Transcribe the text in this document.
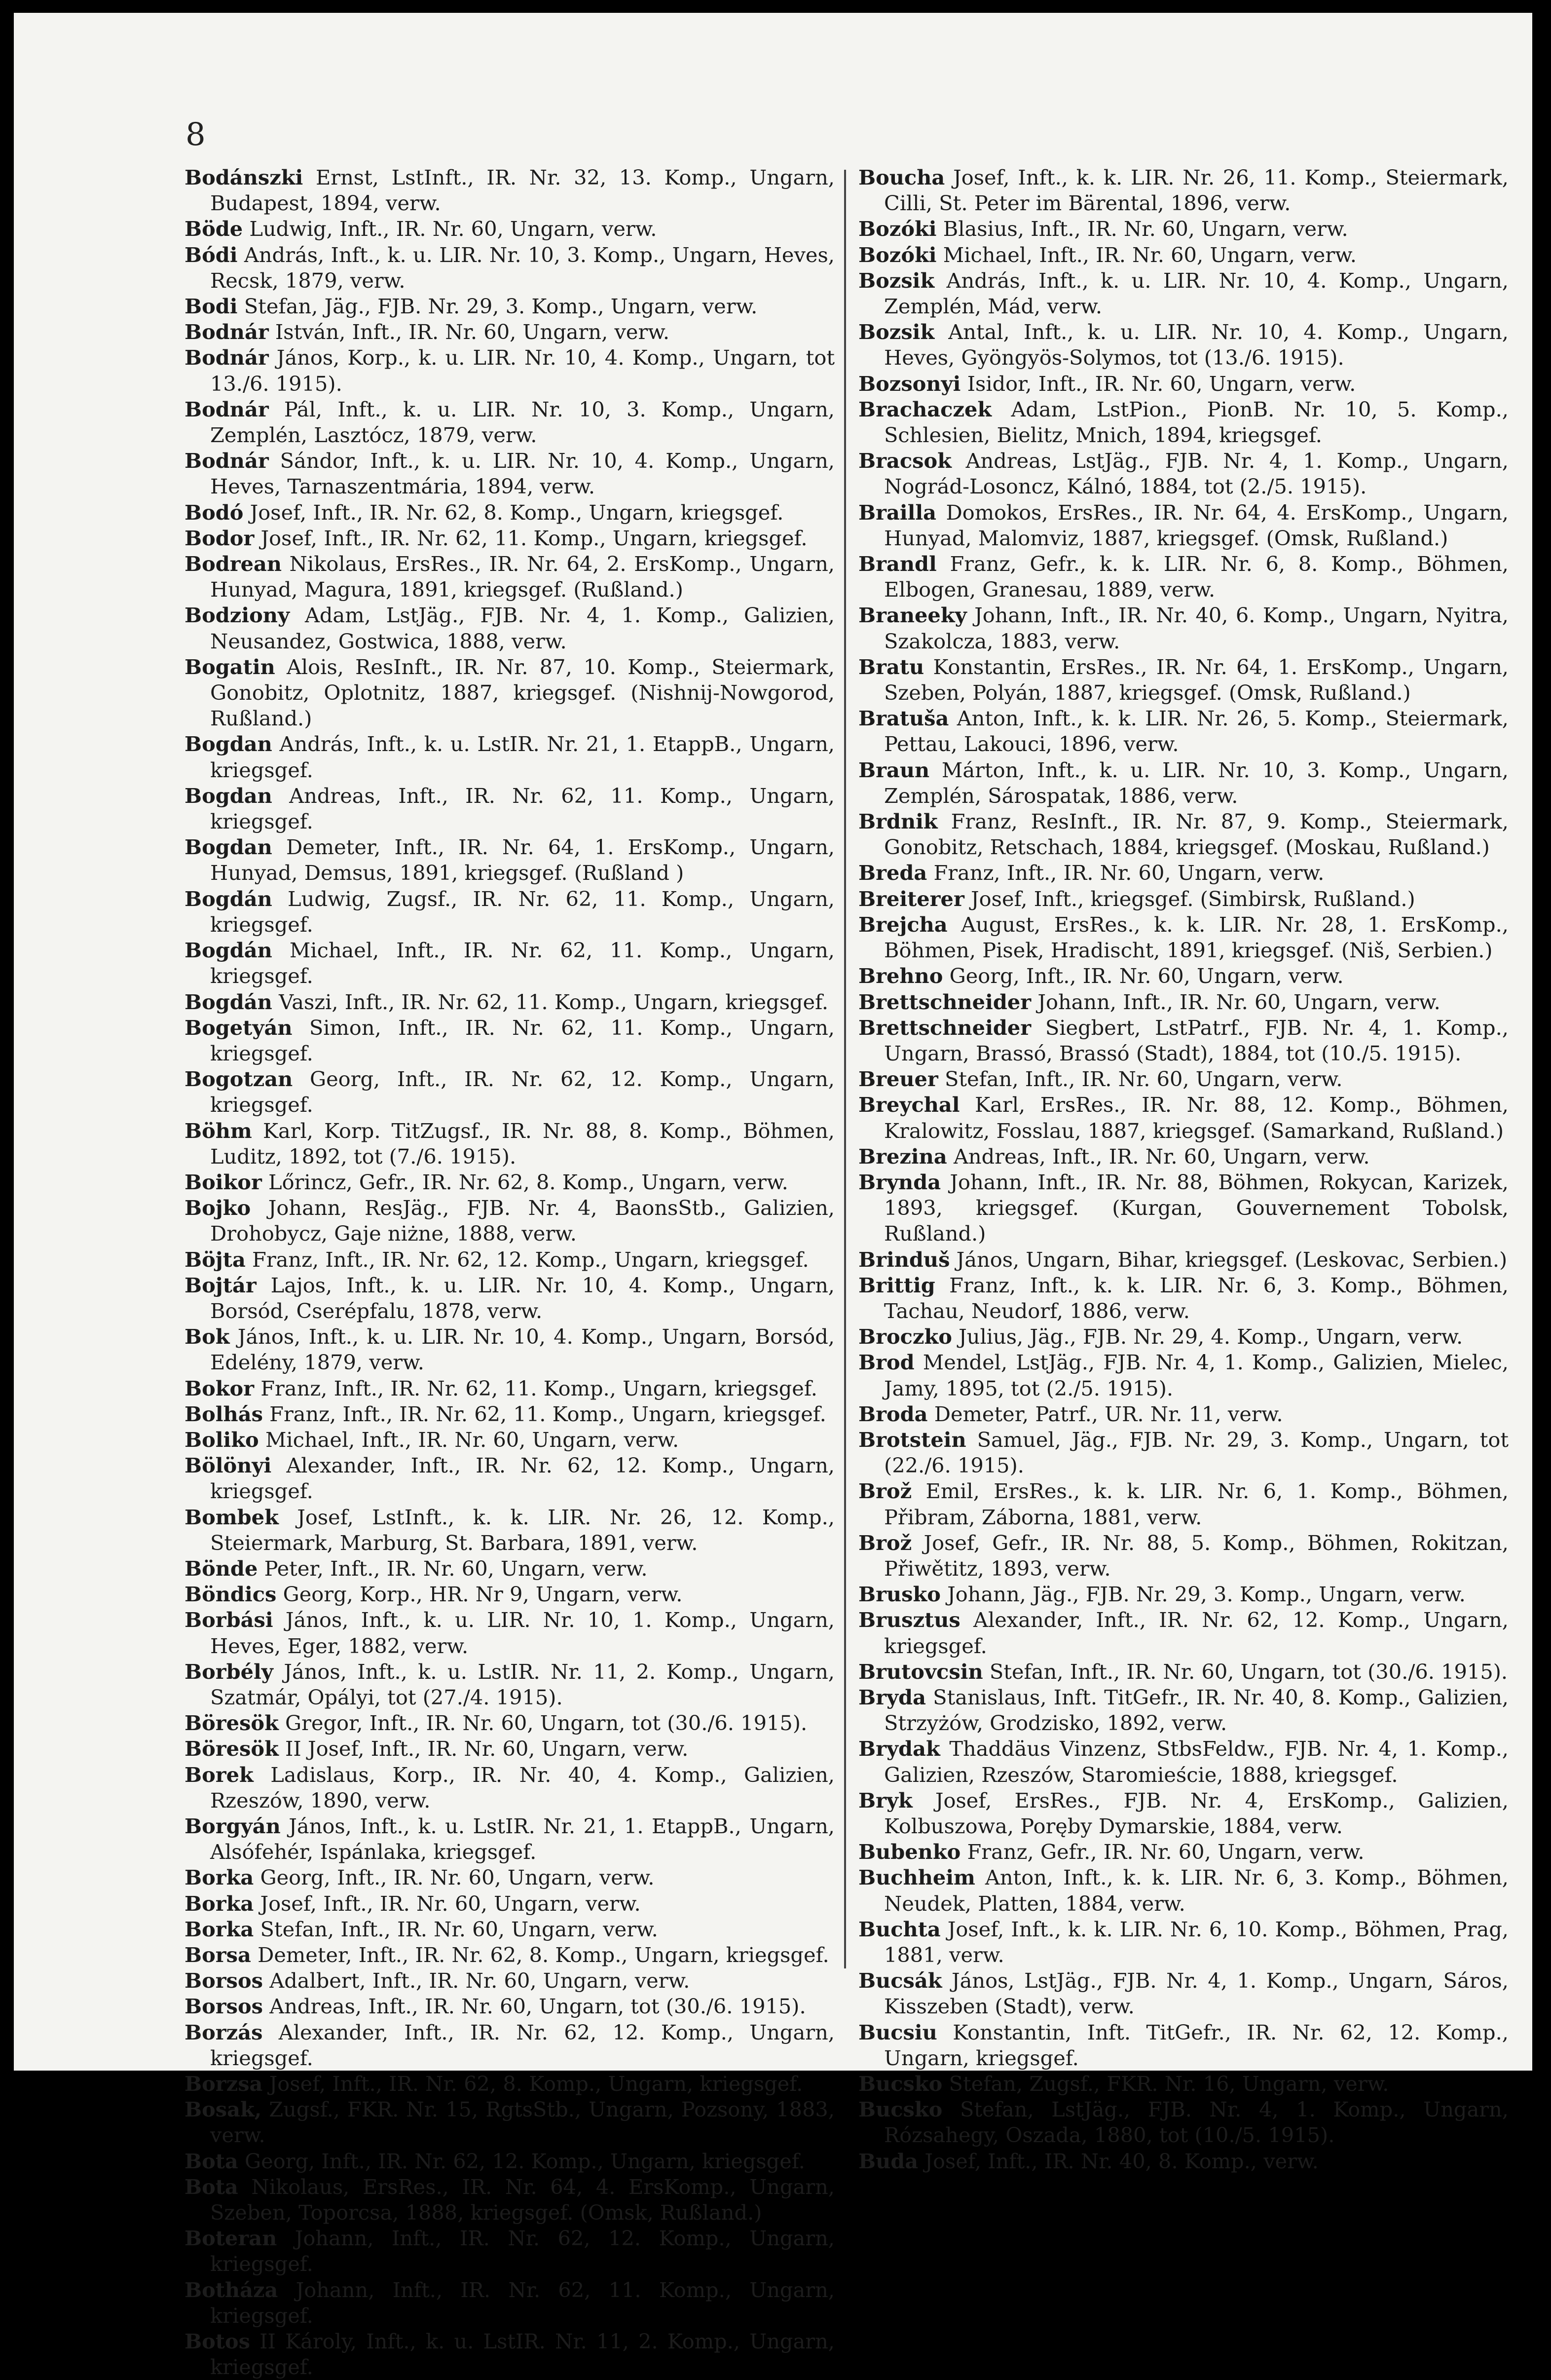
8

Bodánszki Ernst, LstInft., IR. Nr. 32, 13. Komp., Ungarn, Budapest, 1894, verw.

Böde Ludwig, Inft., IR. Nr. 60, Ungarn, verw.

Bódi András, Inft., k. u. LIR. Nr. 10, 3. Komp., Ungarn, Heves, Recsk, 1879, verw.

Bodi Stefan, Jäg., FJB. Nr. 29, 3. Komp., Ungarn, verw.

Bodnár István, Inft., IR. Nr. 60, Ungarn, verw.

Bodnár János, Korp., k. u. LIR. Nr. 10, 4. Komp., Ungarn, tot 13./6. 1915).

Bodnár Pál, Inft., k. u. LIR. Nr. 10, 3. Komp., Ungarn, Zemplén, Lasztócz, 1879, verw.

Bodnár Sándor, Inft., k. u. LIR. Nr. 10, 4. Komp., Ungarn, Heves, Tarnaszentmária, 1894, verw.

Bodó Josef, Inft., IR. Nr. 62, 8. Komp., Ungarn, kriegsgef.

Bodor Josef, Inft., IR. Nr. 62, 11. Komp., Ungarn, kriegsgef.

Bodrean Nikolaus, ErsRes., IR. Nr. 64, 2. ErsKomp., Ungarn, Hunyad, Magura, 1891, kriegsgef. (Rußland.)

Bodziony Adam, LstJäg., FJB. Nr. 4, 1. Komp., Galizien, Neusandez, Gostwica, 1888, verw.

Bogatin Alois, ResInft., IR. Nr. 87, 10. Komp., Steiermark, Gonobitz, Oplotnitz, 1887, kriegsgef. (Nishnij-Nowgorod, Rußland.)

Bogdan András, Inft., k. u. LstIR. Nr. 21, 1. EtappB., Ungarn, kriegsgef.

Bogdan Andreas, Inft., IR. Nr. 62, 11. Komp., Ungarn, kriegsgef.

Bogdan Demeter, Inft., IR. Nr. 64, 1. ErsKomp., Ungarn, Hunyad, Demsus, 1891, kriegsgef. (Rußland )

Bogdán Ludwig, Zugsf., IR. Nr. 62, 11. Komp., Ungarn, kriegsgef.

Bogdán Michael, Inft., IR. Nr. 62, 11. Komp., Ungarn, kriegsgef.

Bogdán Vaszi, Inft., IR. Nr. 62, 11. Komp., Ungarn, kriegsgef.

Bogetyán Simon, Inft., IR. Nr. 62, 11. Komp., Ungarn, kriegsgef.

Bogotzan Georg, Inft., IR. Nr. 62, 12. Komp., Ungarn, kriegsgef.

Böhm Karl, Korp. TitZugsf., IR. Nr. 88, 8. Komp., Böhmen, Luditz, 1892, tot (7./6. 1915).

Boikor Lőrincz, Gefr., IR. Nr. 62, 8. Komp., Ungarn, verw.

Bojko Johann, ResJäg., FJB. Nr. 4, BaonsStb., Galizien, Drohobycz, Gaje niżne, 1888, verw.

Böjta Franz, Inft., IR. Nr. 62, 12. Komp., Ungarn, kriegsgef.

Bojtár Lajos, Inft., k. u. LIR. Nr. 10, 4. Komp., Ungarn, Borsód, Cserépfalu, 1878, verw.

Bok János, Inft., k. u. LIR. Nr. 10, 4. Komp., Ungarn, Borsód, Edelény, 1879, verw.

Bokor Franz, Inft., IR. Nr. 62, 11. Komp., Ungarn, kriegsgef.

Bolhás Franz, Inft., IR. Nr. 62, 11. Komp., Ungarn, kriegsgef.

Boliko Michael, Inft., IR. Nr. 60, Ungarn, verw.

Bölönyi Alexander, Inft., IR. Nr. 62, 12. Komp., Ungarn, kriegsgef.

Bombek Josef, LstInft., k. k. LIR. Nr. 26, 12. Komp., Steiermark, Marburg, St. Barbara, 1891, verw.

Bönde Peter, Inft., IR. Nr. 60, Ungarn, verw.

Böndics Georg, Korp., HR. Nr 9, Ungarn, verw.

Borbási János, Inft., k. u. LIR. Nr. 10, 1. Komp., Ungarn, Heves, Eger, 1882, verw.

Borbély János, Inft., k. u. LstIR. Nr. 11, 2. Komp., Ungarn, Szatmár, Opályi, tot (27./4. 1915).

Böresök Gregor, Inft., IR. Nr. 60, Ungarn, tot (30./6. 1915).

Böresök II Josef, Inft., IR. Nr. 60, Ungarn, verw.

Borek Ladislaus, Korp., IR. Nr. 40, 4. Komp., Galizien, Rzeszów, 1890, verw.

Borgyán János, Inft., k. u. LstIR. Nr. 21, 1. EtappB., Ungarn, Alsófehér, Ispánlaka, kriegsgef.

Borka Georg, Inft., IR. Nr. 60, Ungarn, verw.

Borka Josef, Inft., IR. Nr. 60, Ungarn, verw.

Borka Stefan, Inft., IR. Nr. 60, Ungarn, verw.

Borsa Demeter, Inft., IR. Nr. 62, 8. Komp., Ungarn, kriegsgef.

Borsos Adalbert, Inft., IR. Nr. 60, Ungarn, verw.

Borsos Andreas, Inft., IR. Nr. 60, Ungarn, tot (30./6. 1915).

Borzás Alexander, Inft., IR. Nr. 62, 12. Komp., Ungarn, kriegsgef.

Borzsa Josef, Inft., IR. Nr. 62, 8. Komp., Ungarn, kriegsgef.

Bosak, Zugsf., FKR. Nr. 15, RgtsStb., Ungarn, Pozsony, 1883, verw.

Bota Georg, Inft., IR. Nr. 62, 12. Komp., Ungarn, kriegsgef.

Bota Nikolaus, ErsRes., IR. Nr. 64, 4. ErsKomp., Ungarn, Szeben, Toporcsa, 1888, kriegsgef. (Omsk, Rußland.)

Boteran Johann, Inft., IR. Nr. 62, 12. Komp., Ungarn, kriegsgef.

Botháza Johann, Inft., IR. Nr. 62, 11. Komp., Ungarn, kriegsgef.

Botos II Károly, Inft., k. u. LstIR. Nr. 11, 2. Komp., Ungarn, kriegsgef.

Boucha Josef, Inft., k. k. LIR. Nr. 26, 11. Komp., Steiermark, Cilli, St. Peter im Bärental, 1896, verw.

Bozóki Blasius, Inft., IR. Nr. 60, Ungarn, verw.

Bozóki Michael, Inft., IR. Nr. 60, Ungarn, verw.

Bozsik András, Inft., k. u. LIR. Nr. 10, 4. Komp., Ungarn, Zemplén, Mád, verw.

Bozsik Antal, Inft., k. u. LIR. Nr. 10, 4. Komp., Ungarn, Heves, Gyöngyös-Solymos, tot (13./6. 1915).

Bozsonyi Isidor, Inft., IR. Nr. 60, Ungarn, verw.

Brachaczek Adam, LstPion., PionB. Nr. 10, 5. Komp., Schlesien, Bielitz, Mnich, 1894, kriegsgef.

Bracsok Andreas, LstJäg., FJB. Nr. 4, 1. Komp., Ungarn, Nográd-Losoncz, Kálnó, 1884, tot (2./5. 1915).

Brailla Domokos, ErsRes., IR. Nr. 64, 4. ErsKomp., Ungarn, Hunyad, Malomviz, 1887, kriegsgef. (Omsk, Rußland.)

Brandl Franz, Gefr., k. k. LIR. Nr. 6, 8. Komp., Böhmen, Elbogen, Granesau, 1889, verw.

Braneeky Johann, Inft., IR. Nr. 40, 6. Komp., Ungarn, Nyitra, Szakolcza, 1883, verw.

Bratu Konstantin, ErsRes., IR. Nr. 64, 1. ErsKomp., Ungarn, Szeben, Polyán, 1887, kriegsgef. (Omsk, Rußland.)

Bratuša Anton, Inft., k. k. LIR. Nr. 26, 5. Komp., Steiermark, Pettau, Lakouci, 1896, verw.

Braun Márton, Inft., k. u. LIR. Nr. 10, 3. Komp., Ungarn, Zemplén, Sárospatak, 1886, verw.

Brdnik Franz, ResInft., IR. Nr. 87, 9. Komp., Steiermark, Gonobitz, Retschach, 1884, kriegsgef. (Moskau, Rußland.)

Breda Franz, Inft., IR. Nr. 60, Ungarn, verw.

Breiterer Josef, Inft., kriegsgef. (Simbirsk, Rußland.)

Brejcha August, ErsRes., k. k. LIR. Nr. 28, 1. ErsKomp., Böhmen, Pisek, Hradischt, 1891, kriegsgef. (Niš, Serbien.)

Brehno Georg, Inft., IR. Nr. 60, Ungarn, verw.

Brettschneider Johann, Inft., IR. Nr. 60, Ungarn, verw.

Brettschneider Siegbert, LstPatrf., FJB. Nr. 4, 1. Komp., Ungarn, Brassó, Brassó (Stadt), 1884, tot (10./5. 1915).

Breuer Stefan, Inft., IR. Nr. 60, Ungarn, verw.

Breychal Karl, ErsRes., IR. Nr. 88, 12. Komp., Böhmen, Kralowitz, Fosslau, 1887, kriegsgef. (Samarkand, Rußland.)

Brezina Andreas, Inft., IR. Nr. 60, Ungarn, verw.

Brynda Johann, Inft., IR. Nr. 88, Böhmen, Rokycan, Karizek, 1893, kriegsgef. (Kurgan, Gouvernement Tobolsk, Rußland.)

Brinduš János, Ungarn, Bihar, kriegsgef. (Leskovac, Serbien.)

Brittig Franz, Inft., k. k. LIR. Nr. 6, 3. Komp., Böhmen, Tachau, Neudorf, 1886, verw.

Broczko Julius, Jäg., FJB. Nr. 29, 4. Komp., Ungarn, verw.

Brod Mendel, LstJäg., FJB. Nr. 4, 1. Komp., Galizien, Mielec, Jamy, 1895, tot (2./5. 1915).

Broda Demeter, Patrf., UR. Nr. 11, verw.

Brotstein Samuel, Jäg., FJB. Nr. 29, 3. Komp., Ungarn, tot (22./6. 1915).

Brož Emil, ErsRes., k. k. LIR. Nr. 6, 1. Komp., Böhmen, Přibram, Záborna, 1881, verw.

Brož Josef, Gefr., IR. Nr. 88, 5. Komp., Böhmen, Rokitzan, Přiwětitz, 1893, verw.

Brusko Johann, Jäg., FJB. Nr. 29, 3. Komp., Ungarn, verw.

Brusztus Alexander, Inft., IR. Nr. 62, 12. Komp., Ungarn, kriegsgef.

Brutovcsin Stefan, Inft., IR. Nr. 60, Ungarn, tot (30./6. 1915).

Bryda Stanislaus, Inft. TitGefr., IR. Nr. 40, 8. Komp., Galizien, Strzyżów, Grodzisko, 1892, verw.

Brydak Thaddäus Vinzenz, StbsFeldw., FJB. Nr. 4, 1. Komp., Galizien, Rzeszów, Staromieście, 1888, kriegsgef.

Bryk Josef, ErsRes., FJB. Nr. 4, ErsKomp., Galizien, Kolbuszowa, Poręby Dymarskie, 1884, verw.

Bubenko Franz, Gefr., IR. Nr. 60, Ungarn, verw.

Buchheim Anton, Inft., k. k. LIR. Nr. 6, 3. Komp., Böhmen, Neudek, Platten, 1884, verw.

Buchta Josef, Inft., k. k. LIR. Nr. 6, 10. Komp., Böhmen, Prag, 1881, verw.

Bucsák János, LstJäg., FJB. Nr. 4, 1. Komp., Ungarn, Sáros, Kisszeben (Stadt), verw.

Bucsiu Konstantin, Inft. TitGefr., IR. Nr. 62, 12. Komp., Ungarn, kriegsgef.

Bucsko Stefan, Zugsf., FKR. Nr. 16, Ungarn, verw.

Bucsko Stefan, LstJäg., FJB. Nr. 4, 1. Komp., Ungarn, Rózsahegy, Oszada, 1880, tot (10./5. 1915).

Buda Josef, Inft., IR. Nr. 40, 8. Komp., verw.
